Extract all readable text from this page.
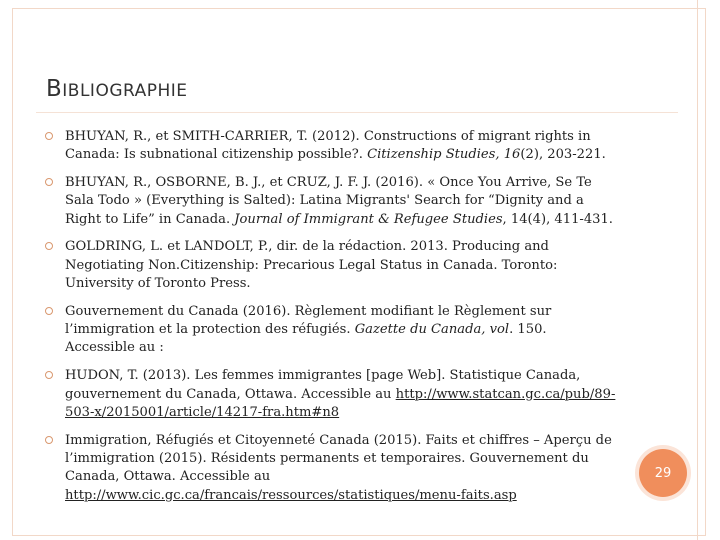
BIBLIOGRAPHIE
BHUYAN, R., et SMITH-CARRIER, T. (2012). Constructions of migrant rights in Canada: Is subnational citizenship possible?. Citizenship Studies, 16(2), 203-221.
BHUYAN, R., OSBORNE, B. J., et CRUZ, J. F. J. (2016). « Once You Arrive, Se Te Sala Todo » (Everything is Salted): Latina Migrants' Search for “Dignity and a Right to Life” in Canada. Journal of Immigrant & Refugee Studies, 14(4), 411-431.
GOLDRING, L. et LANDOLT, P., dir. de la rédaction. 2013. Producing and Negotiating Non.Citizenship: Precarious Legal Status in Canada. Toronto: University of Toronto Press.
Gouvernement du Canada (2016). Règlement modifiant le Règlement sur l’immigration et la protection des réfugiés. Gazette du Canada, vol. 150. Accessible au :
HUDON, T. (2013). Les femmes immigrantes [page Web]. Statistique Canada, gouvernement du Canada, Ottawa. Accessible au http://www.statcan.gc.ca/pub/89-503-x/2015001/article/14217-fra.htm#n8
Immigration, Réfugiés et Citoyenneté Canada (2015). Faits et chiffres – Aperçu de l’immigration (2015). Résidents permanents et temporaires. Gouvernement du Canada, Ottawa. Accessible au http://www.cic.gc.ca/francais/ressources/statistiques/menu-faits.asp
29
